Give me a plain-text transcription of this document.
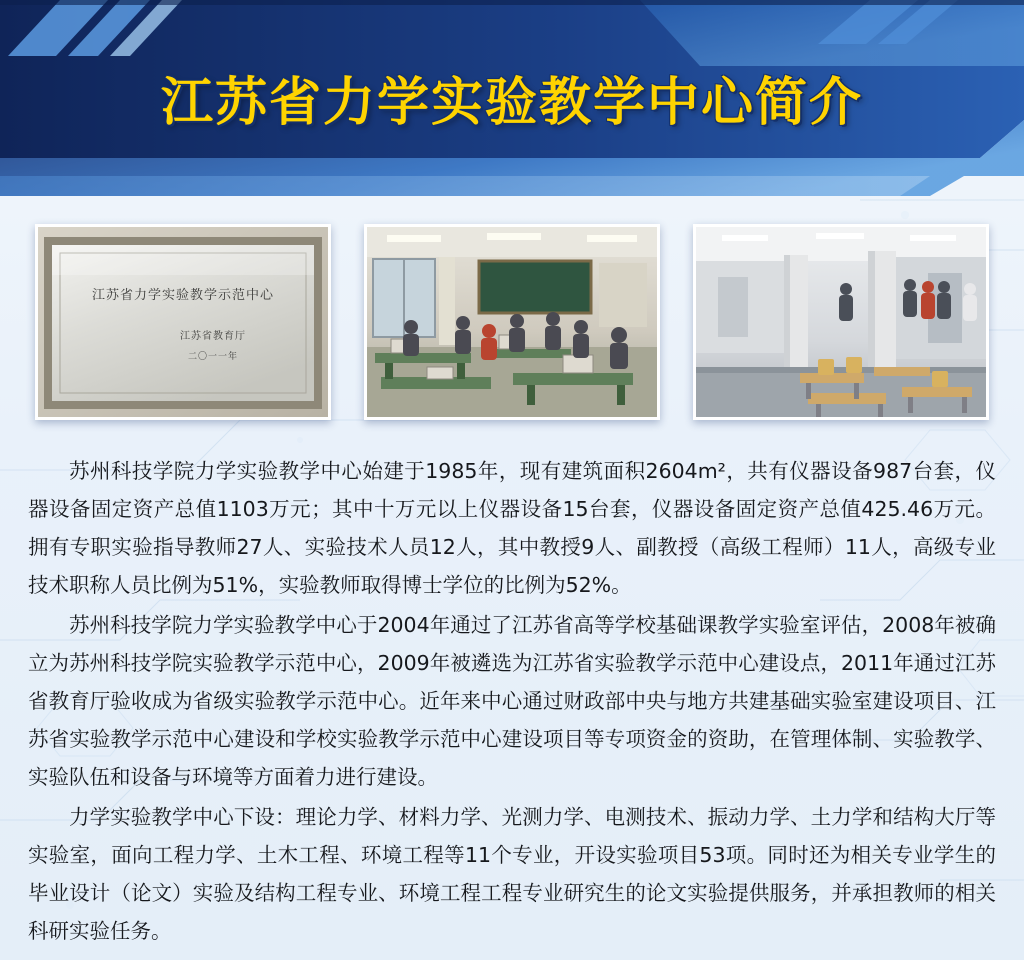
江苏省力学实验教学中心简介
江苏省力学实验教学示范中心
江苏省教育厅
二〇一一年

苏州科技学院力学实验教学中心始建于1985年，现有建筑面积2604m²，共有仪器设备987台套，仪器设备固定资产总值1103万元；其中十万元以上仪器设备15台套，仪器设备固定资产总值425.46万元。拥有专职实验指导教师27人、实验技术人员12人，其中教授9人、副教授（高级工程师）11人，高级专业技术职称人员比例为51%，实验教师取得博士学位的比例为52%。

苏州科技学院力学实验教学中心于2004年通过了江苏省高等学校基础课教学实验室评估，2008年被确立为苏州科技学院实验教学示范中心，2009年被遴选为江苏省实验教学示范中心建设点，2011年通过江苏省教育厅验收成为省级实验教学示范中心。近年来中心通过财政部中央与地方共建基础实验室建设项目、江苏省实验教学示范中心建设和学校实验教学示范中心建设项目等专项资金的资助，在管理体制、实验教学、实验队伍和设备与环境等方面着力进行建设。

力学实验教学中心下设：理论力学、材料力学、光测力学、电测技术、振动力学、土力学和结构大厅等实验室，面向工程力学、土木工程、环境工程等11个专业，开设实验项目53项。同时还为相关专业学生的毕业设计（论文）实验及结构工程专业、环境工程工程专业研究生的论文实验提供服务，并承担教师的相关科研实验任务。
